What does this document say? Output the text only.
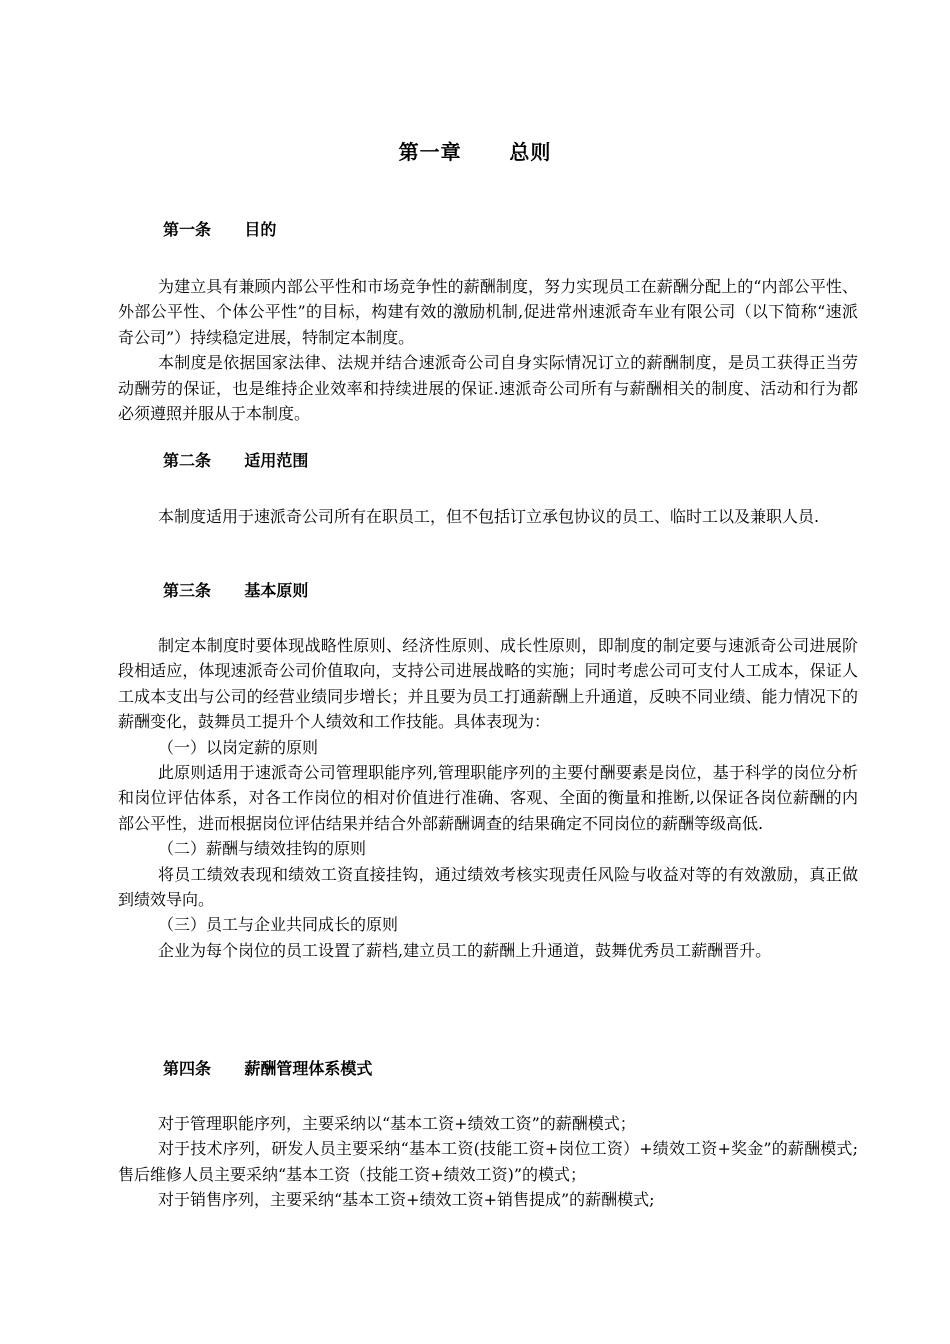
第一章      总则
第一条      目的

为建立具有兼顾内部公平性和市场竞争性的薪酬制度，努力实现员工在薪酬分配上的“内部公平性、外部公平性、个体公平性”的目标，构建有效的激励机制,促进常州速派奇车业有限公司（以下简称“速派奇公司”）持续稳定进展，特制定本制度。

本制度是依据国家法律、法规并结合速派奇公司自身实际情况订立的薪酬制度，是员工获得正当劳动酬劳的保证，也是维持企业效率和持续进展的保证.速派奇公司所有与薪酬相关的制度、活动和行为都必须遵照并服从于本制度。

第二条      适用范围

本制度适用于速派奇公司所有在职员工，但不包括订立承包协议的员工、临时工以及兼职人员.

第三条      基本原则

制定本制度时要体现战略性原则、经济性原则、成长性原则，即制度的制定要与速派奇公司进展阶段相适应，体现速派奇公司价值取向，支持公司进展战略的实施；同时考虑公司可支付人工成本，保证人工成本支出与公司的经营业绩同步增长；并且要为员工打通薪酬上升通道，反映不同业绩、能力情况下的薪酬变化，鼓舞员工提升个人绩效和工作技能。具体表现为：

（一）以岗定薪的原则

此原则适用于速派奇公司管理职能序列,管理职能序列的主要付酬要素是岗位，基于科学的岗位分析和岗位评估体系，对各工作岗位的相对价值进行准确、客观、全面的衡量和推断,以保证各岗位薪酬的内部公平性，进而根据岗位评估结果并结合外部薪酬调查的结果确定不同岗位的薪酬等级高低.

（二）薪酬与绩效挂钩的原则

将员工绩效表现和绩效工资直接挂钩，通过绩效考核实现责任风险与收益对等的有效激励，真正做到绩效导向。

（三）员工与企业共同成长的原则

企业为每个岗位的员工设置了薪档,建立员工的薪酬上升通道，鼓舞优秀员工薪酬晋升。

第四条      薪酬管理体系模式

对于管理职能序列，主要采纳以“基本工资+绩效工资”的薪酬模式；

对于技术序列，研发人员主要采纳“基本工资(技能工资+岗位工资）+绩效工资+奖金”的薪酬模式;售后维修人员主要采纳“基本工资（技能工资+绩效工资)”的模式；

对于销售序列，主要采纳“基本工资+绩效工资+销售提成”的薪酬模式;
